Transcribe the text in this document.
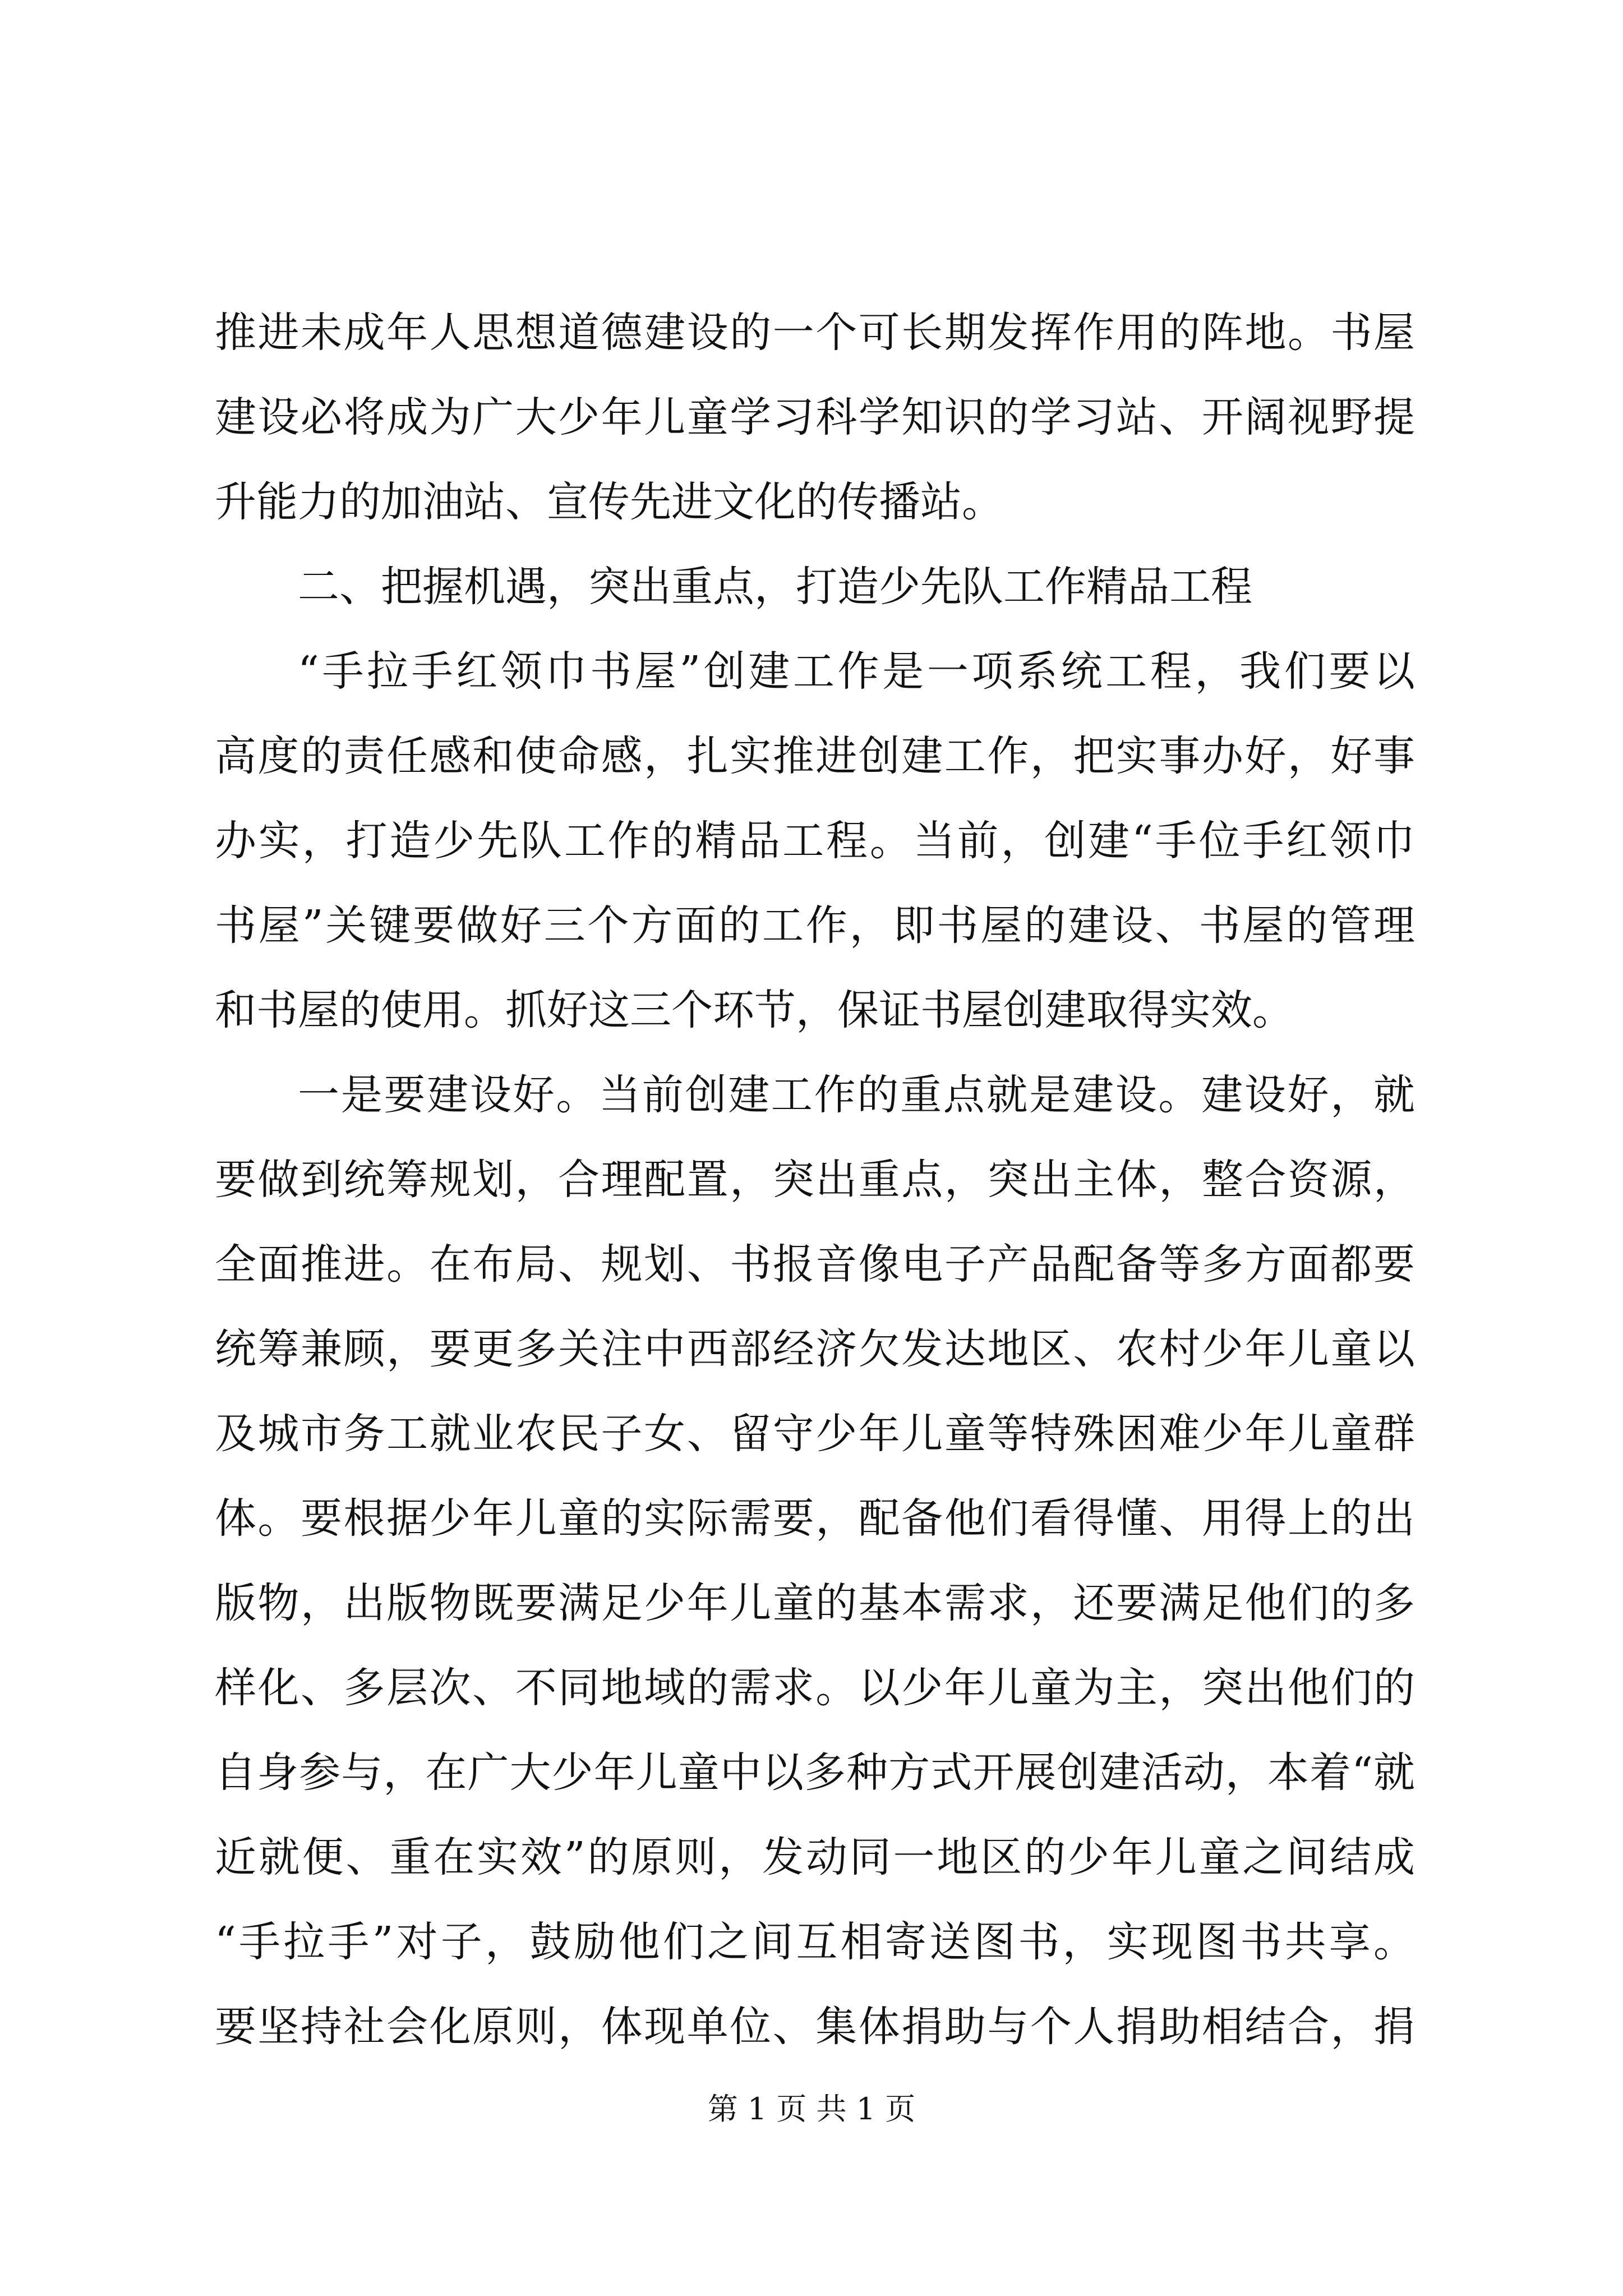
推进未成年人思想道德建设的一个可长期发挥作用的阵地。书屋
建设必将成为广大少年儿童学习科学知识的学习站、开阔视野提
升能力的加油站、宣传先进文化的传播站。
二、把握机遇，突出重点，打造少先队工作精品工程
“手拉手红领巾书屋”创建工作是一项系统工程，我们要以
高度的责任感和使命感，扎实推进创建工作，把实事办好，好事
办实，打造少先队工作的精品工程。当前，创建“手位手红领巾
书屋”关键要做好三个方面的工作，即书屋的建设、书屋的管理
和书屋的使用。抓好这三个环节，保证书屋创建取得实效。
一是要建设好。当前创建工作的重点就是建设。建设好，就
要做到统筹规划，合理配置，突出重点，突出主体，整合资源，
全面推进。在布局、规划、书报音像电子产品配备等多方面都要
统筹兼顾，要更多关注中西部经济欠发达地区、农村少年儿童以
及城市务工就业农民子女、留守少年儿童等特殊困难少年儿童群
体。要根据少年儿童的实际需要，配备他们看得懂、用得上的出
版物，出版物既要满足少年儿童的基本需求，还要满足他们的多
样化、多层次、不同地域的需求。以少年儿童为主，突出他们的
自身参与，在广大少年儿童中以多种方式开展创建活动，本着“就
近就便、重在实效”的原则，发动同一地区的少年儿童之间结成
“手拉手”对子，鼓励他们之间互相寄送图书，实现图书共享。
要坚持社会化原则，体现单位、集体捐助与个人捐助相结合，捐
第 1 页 共 1 页
